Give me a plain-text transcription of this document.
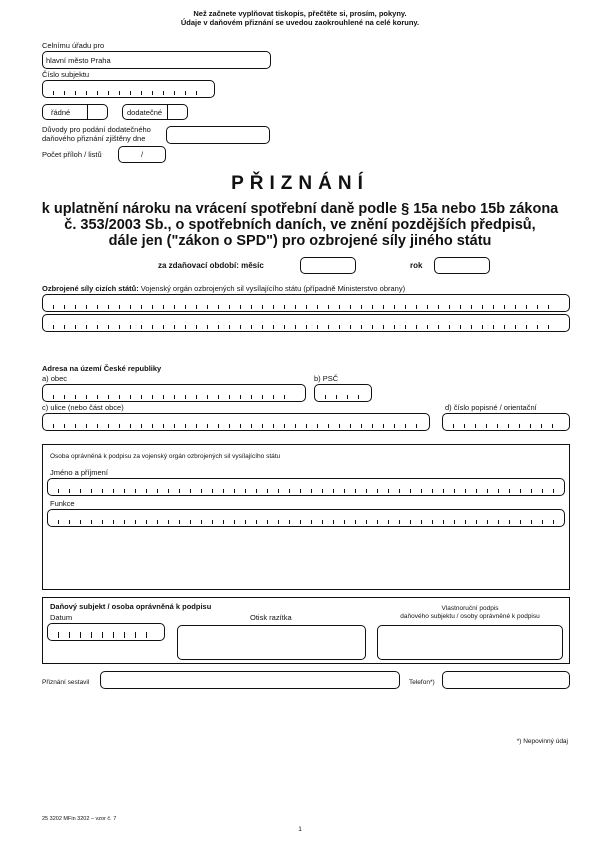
Než začnete vyplňovat tiskopis, přečtěte si, prosím, pokyny.
Údaje v daňovém přiznání se uvedou zaokrouhlené na celé koruny.
Celnímu úřadu pro
hlavní město Praha
Číslo subjektu
řádné	dodatečné
Důvody pro podání dodatečného
daňového přiznání zjištěny dne
Počet příloh / listů	/
PŘIZNÁNÍ
k uplatnění nároku na vrácení spotřební daně podle § 15a nebo 15b zákona
č. 353/2003 Sb., o spotřebních daních, ve znění pozdějších předpisů,
dále jen ("zákon o SPD") pro ozbrojené síly jiného státu
za zdaňovací období: měsíc	rok
Ozbrojené síly cizích států: Vojenský orgán ozbrojených sil vysílajícího státu (případně Ministerstvo obrany)
Adresa na území České republiky
a) obec	b) PSČ
c) ulice (nebo část obce)	d) číslo popisné / orientační
Osoba oprávněná k podpisu za vojenský orgán ozbrojených sil vysílajícího státu
Jméno a příjmení
Funkce
Daňový subjekt / osoba oprávněná k podpisu
Datum	Otisk razítka
Vlastnoruční podpis
daňového subjektu / osoby oprávněné k podpisu
Přiznání sestavil	Telefon*)
*) Nepovinný údaj
25 3202 MFin 3202 – vzor č. 7
1
